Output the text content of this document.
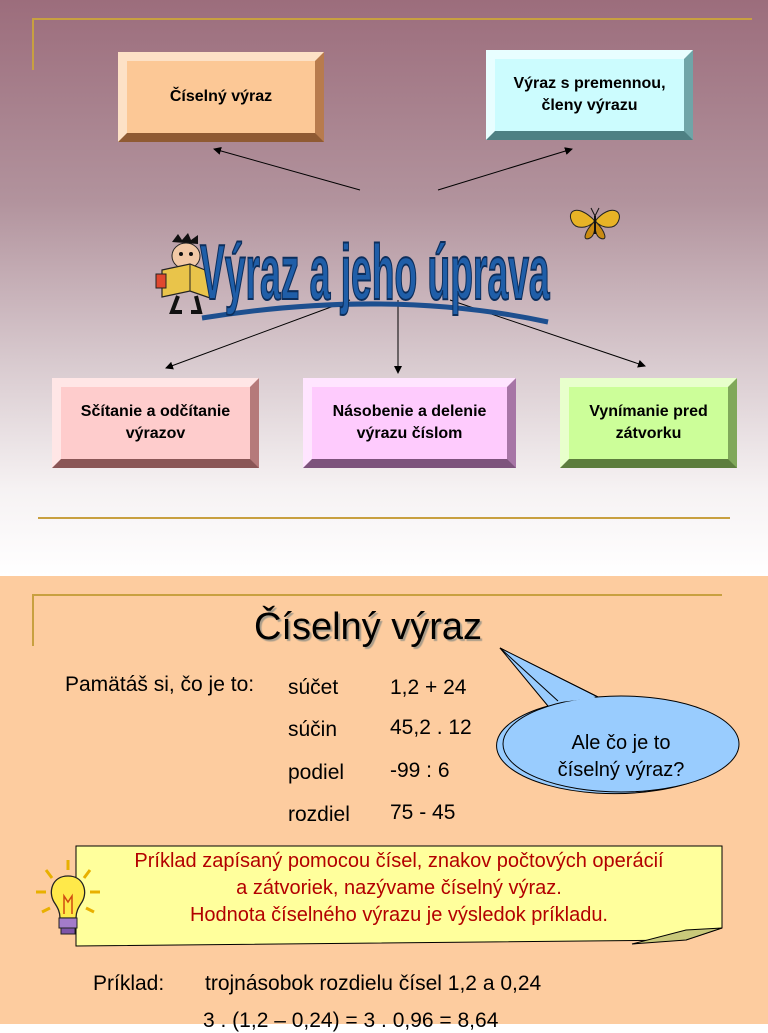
Číselný výraz
Výraz s premennou,
členy výrazu
Sčítanie a odčítanie
výrazov
Násobenie a delenie
výrazu číslom
Vynímanie pred
zátvorku
Výraz a jeho úprava
Číselný výraz
Pamätáš si, čo je to: súčet 1,2 + 24
súčin	45,2 . 12
podiel -99 : 6
rozdiel 75 - 45
Ale čo je to
číselný výraz?
Príklad zapísaný pomocou čísel, znakov počtových operácií
a zátvoriek, nazývame číselný výraz.
Hodnota číselného výrazu je výsledok príkladu.
Príklad: trojnásobok rozdielu čísel 1,2 a 0,24
3 . (1,2 – 0,24) = 3 . 0,96 = 8,64
